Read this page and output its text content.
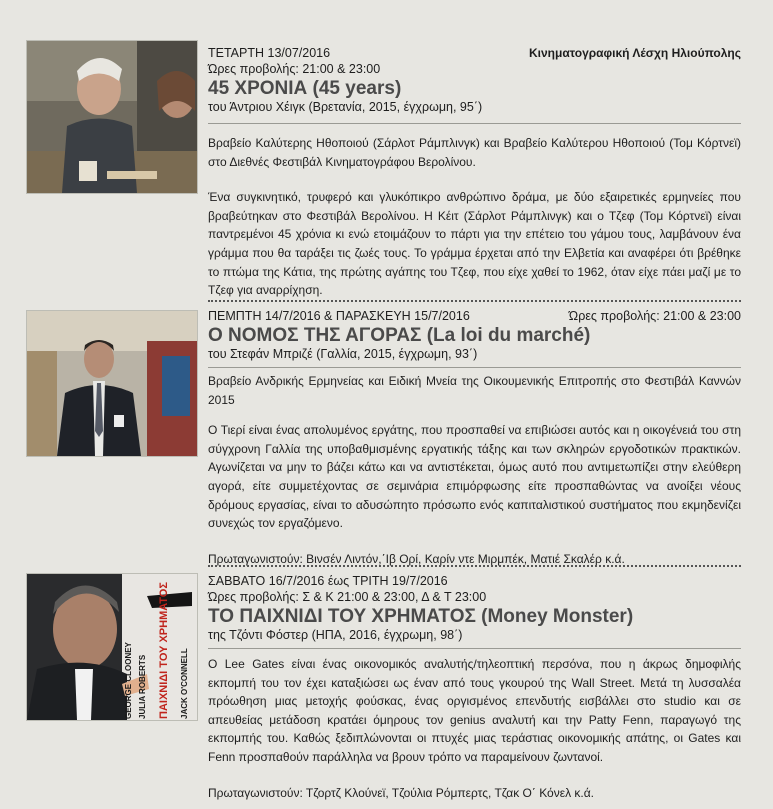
ΤΕΤΑΡΤΗ 13/07/2016	Κινηματογραφική Λέσχη Ηλιούπολης
Ώρες προβολής: 21:00 & 23:00
45 ΧΡΟΝΙΑ (45 years)
του Άντριου Χέιγκ (Βρετανία, 2015, έγχρωμη, 95΄)

Βραβείο Καλύτερης Ηθοποιού (Σάρλοτ Ράμπλινγκ) και Βραβείο Καλύτερου Ηθοποιού (Τομ Κόρτνεϊ) στο Διεθνές Φεστιβάλ Κινηματογράφου Βερολίνου.

Ένα συγκινητικό, τρυφερό και γλυκόπικρο ανθρώπινο δράμα, με δύο εξαιρετικές ερμηνείες που βραβεύτηκαν στο Φεστιβάλ Βερολίνου. Η Κέιτ (Σάρλοτ Ράμπλινγκ) και ο Τζεφ (Τομ Κόρτνεϊ) είναι παντρεμένοι 45 χρόνια κι ενώ ετοιμάζουν το πάρτι για την επέτειο του γάμου τους, λαμβάνουν ένα γράμμα που θα ταράξει τις ζωές τους. Το γράμμα έρχεται από την Ελβετία και αναφέρει ότι βρέθηκε το πτώμα της Κάτια, της πρώτης αγάπης του Τζεφ, που είχε χαθεί το 1962, όταν είχε πάει μαζί με το Τζεφ για αναρρίχηση.

ΠΕΜΠΤΗ 14/7/2016 & ΠΑΡΑΣΚΕΥΗ 15/7/2016	Ώρες προβολής: 21:00 & 23:00
Ο ΝΟΜΟΣ ΤΗΣ ΑΓΟΡΑΣ (La loi du marché)
του Στεφάν Μπριζέ (Γαλλία, 2015, έγχρωμη, 93΄)

Βραβείο Ανδρικής Ερμηνείας και Ειδική Μνεία της Οικουμενικής Επιτροπής στο Φεστιβάλ Καννών 2015

Ο Τιερί είναι ένας απολυμένος εργάτης, που προσπαθεί να επιβιώσει αυτός και η οικογένειά του στη σύγχρονη Γαλλία της υποβαθμισμένης εργατικής τάξης και των σκληρών εργοδοτικών πρακτικών. Αγωνίζεται να μην το βάζει κάτω και να αντιστέκεται, όμως αυτό που αντιμετωπίζει στην ελεύθερη αγορά, είτε συμμετέχοντας σε σεμινάρια επιμόρφωσης είτε προσπαθώντας να ανοίξει νέους δρόμους εργασίας, είναι το αδυσώπητο πρόσωπο ενός καπιταλιστικού συστήματος που εκμηδενίζει συνεχώς τον εργαζόμενο.

Πρωταγωνιστούν: Βινσέν Λιντόν,΄Ιβ Ορί, Καρίν ντε Μιρμπέκ, Ματιέ Σκαλέρ κ.ά.
GEORGE CLOONEY JULIA ROBERTS ΠΑΙΧΝΙΔΙ ΤΟΥ ΧΡΗΜΑΤΟΣ JACK O'CONNELL
ΣΑΒΒΑΤΟ 16/7/2016 έως ΤΡΙΤΗ 19/7/2016
Ώρες προβολής: Σ & Κ 21:00 & 23:00, Δ & Τ 23:00
ΤΟ ΠΑΙΧΝΙΔΙ ΤΟΥ ΧΡΗΜΑΤΟΣ (Money Monster)
της Τζόντι Φόστερ (ΗΠΑ, 2016, έγχρωμη, 98΄)

Ο Lee Gates είναι ένας οικονομικός αναλυτής/τηλεοπτική περσόνα, που η άκρως δημοφιλής εκπομπή του τον έχει καταξιώσει ως έναν από τους γκουρού της Wall Street. Μετά τη λυσσαλέα πρόωθηση μιας μετοχής φούσκας, ένας οργισμένος επενδυτής εισβάλλει στο studio και σε απευθείας μετάδοση κρατάει όμηρους τον genius αναλυτή και την Patty Fenn, παραγωγό της εκπομπής του. Καθώς ξεδιπλώνονται οι πτυχές μιας τεράστιας οικονομικής απάτης, οι Gates και Fenn προσπαθούν παράλληλα να βρουν τρόπο να παραμείνουν ζωντανοί.

Πρωταγωνιστούν: Τζορτζ Κλούνεϊ, Τζούλια Ρόμπερτς, Τζακ Ο΄ Κόνελ κ.ά.
